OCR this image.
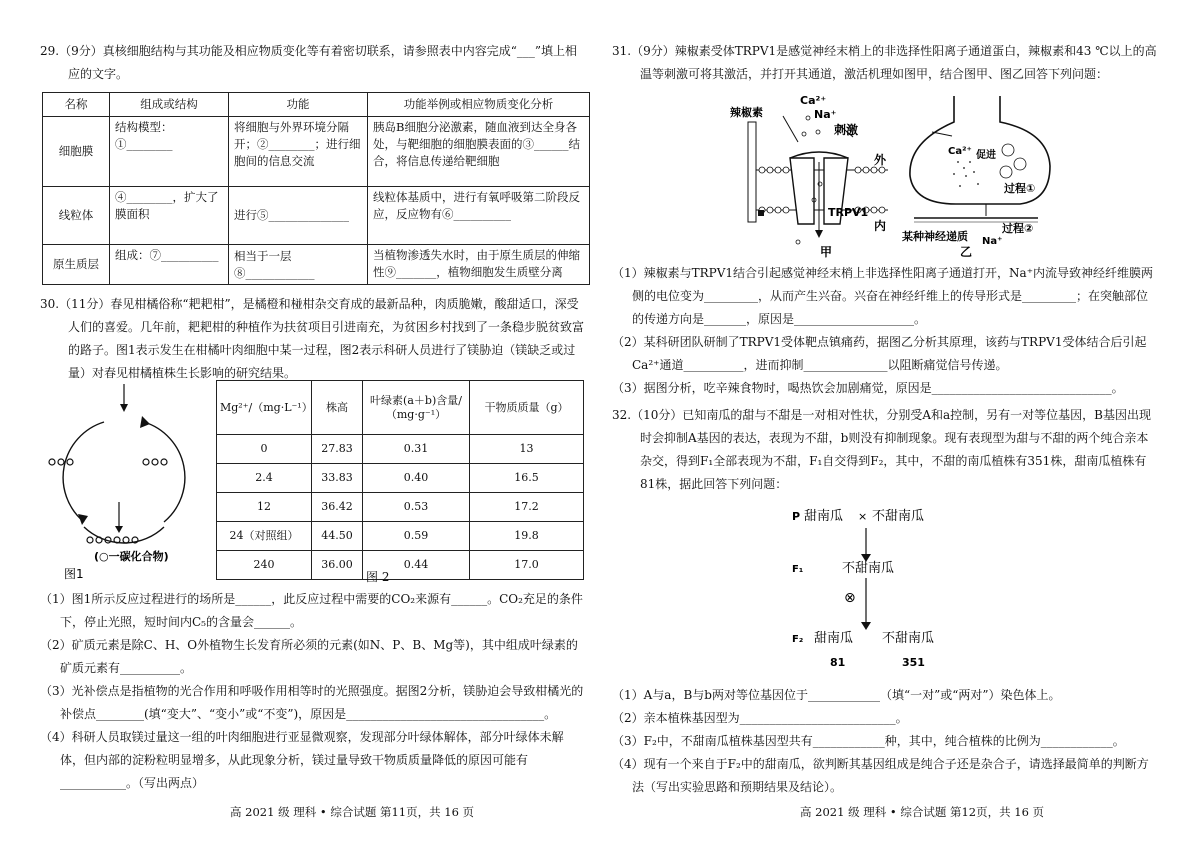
29.（9分）真核细胞结构与其功能及相应物质变化等有着密切联系，请参照表中内容完成“___”填上相应的文字。

名称	组成或结构	功能	功能举例或相应物质变化分析
细胞膜	结构模型：①________	将细胞与外界环境分隔开；②________；进行细胞间的信息交流	胰岛B细胞分泌激素，随血液到达全身各处，与靶细胞的细胞膜表面的③______结合，将信息传递给靶细胞
线粒体	④________，扩大了膜面积	进行⑤______________	线粒体基质中，进行有氧呼吸第二阶段反应，反应物有⑥__________
原生质层	组成：⑦__________	相当于一层⑧____________	当植物渗透失水时，由于原生质层的伸缩性⑨_______，植物细胞发生质壁分离

30.（11分）春见柑橘俗称“耙耙柑”，是橘橙和椪柑杂交育成的最新品种，肉质脆嫩，酸甜适口，深受人们的喜爱。几年前，耙耙柑的种植作为扶贫项目引进南充，为贫困乡村找到了一条稳步脱贫致富的路子。图1表示发生在柑橘叶肉细胞中某一过程，图2表示科研人员进行了镁胁迫（镁缺乏或过量）对春见柑橘植株生长影响的研究结果。

(○一碳化合物)
图1
Mg²⁺/（mg·L⁻¹）	株高	叶绿素(a＋b)含量/（mg·g⁻¹）	干物质质量（g）
0	27.83	0.31	13
2.4	33.83	0.40	16.5
12	36.42	0.53	17.2
24（对照组）	44.50	0.59	19.8
240	36.00	0.44	17.0
图 2

（1）图1所示反应过程进行的场所是______，此反应过程中需要的CO₂来源有______。CO₂充足的条件下，停止光照，短时间内C₅的含量会______。

（2）矿质元素是除C、H、O外植物生长发育所必须的元素(如N、P、B、Mg等)，其中组成叶绿素的矿质元素有__________。

（3）光补偿点是指植物的光合作用和呼吸作用相等时的光照强度。据图2分析，镁胁迫会导致柑橘光的补偿点________(填“变大”、“变小”或“不变”)，原因是_________________________________。

（4）科研人员取镁过量这一组的叶肉细胞进行亚显微观察，发现部分叶绿体解体，部分叶绿体未解体，但内部的淀粉粒明显增多，从此现象分析，镁过量导致干物质质量降低的原因可能有___________。（写出两点）

高 2021 级 理科 • 综合试题 第11页，共 16 页

31.（9分）辣椒素受体TRPV1是感觉神经末梢上的非选择性阳离子通道蛋白，辣椒素和43 ℃以上的高温等刺激可将其激活，并打开其通道，激活机理如图甲，结合图甲、图乙回答下列问题：

辣椒素
Ca²⁺
Na⁺
刺激
外
内
TRPV1
甲
Ca²⁺ 促进
过程①
过程②
某种神经递质 Na⁺
乙

（1）辣椒素与TRPV1结合引起感觉神经末梢上非选择性阳离子通道打开，Na⁺内流导致神经纤维膜两侧的电位变为_________，从而产生兴奋。兴奋在神经纤维上的传导形式是_________；在突触部位的传递方向是_______，原因是____________________。

（2）某科研团队研制了TRPV1受体靶点镇痛药，据图乙分析其原理，该药与TRPV1受体结合后引起Ca²⁺通道__________，进而抑制______________以阻断痛觉信号传递。

（3）据图分析，吃辛辣食物时，喝热饮会加剧痛觉，原因是______________________________。

32.（10分）已知南瓜的甜与不甜是一对相对性状，分别受A和a控制，另有一对等位基因，B基因出现时会抑制A基因的表达，表现为不甜，b则没有抑制现象。现有表现型为甜与不甜的两个纯合亲本杂交，得到F₁全部表现为不甜，F₁自交得到F₂，其中，不甜的南瓜植株有351株，甜南瓜植株有81株，据此回答下列问题：

P 甜南瓜 × 不甜南瓜
F₁	不甜南瓜
⊗
F₂ 甜南瓜 不甜南瓜
81	351

（1）A与a，B与b两对等位基因位于____________（填“一对”或“两对”）染色体上。

（2）亲本植株基因型为__________________________。

（3）F₂中，不甜南瓜植株基因型共有____________种，其中，纯合植株的比例为____________。

（4）现有一个来自于F₂中的甜南瓜，欲判断其基因组成是纯合子还是杂合子，请选择最简单的判断方法（写出实验思路和预期结果及结论）。

高 2021 级 理科 • 综合试题 第12页，共 16 页
